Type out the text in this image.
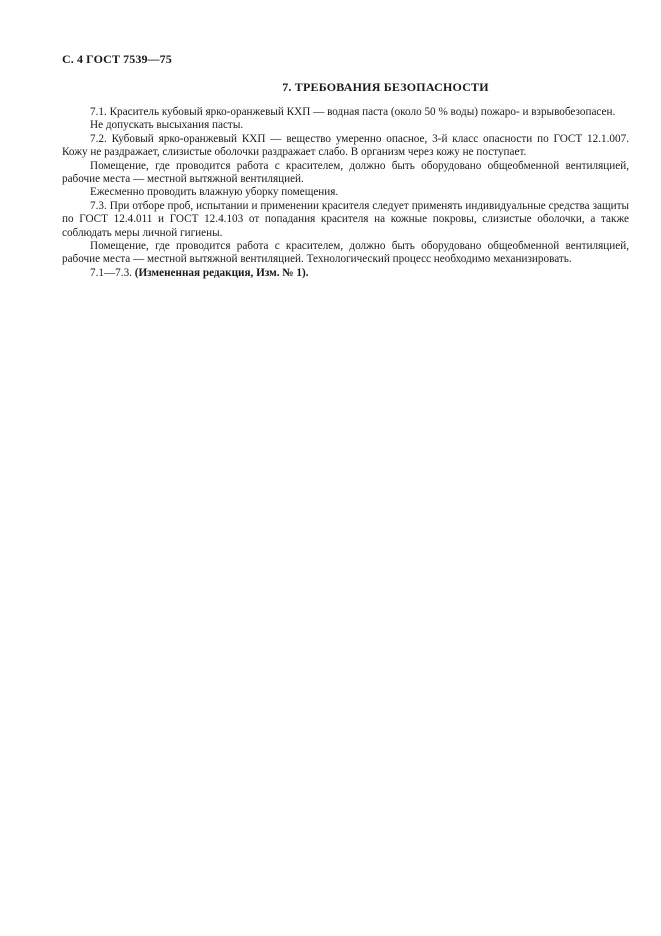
С. 4 ГОСТ 7539—75
7. ТРЕБОВАНИЯ БЕЗОПАСНОСТИ

7.1. Краситель кубовый ярко-оранжевый КХП — водная паста (около 50 % воды) пожаро- и взрывобезопасен.

Не допускать высыхания пасты.

7.2. Кубовый ярко-оранжевый КХП — вещество умеренно опасное, 3-й класс опасности по ГОСТ 12.1.007. Кожу не раздражает, слизистые оболочки раздражает слабо. В организм через кожу не поступает.

Помещение, где проводится работа с красителем, должно быть оборудовано общеобменной вентиляцией, рабочие места — местной вытяжной вентиляцией.

Ежесменно проводить влажную уборку помещения.

7.3. При отборе проб, испытании и применении красителя следует применять индивидуальные средства защиты по ГОСТ 12.4.011 и ГОСТ 12.4.103 от попадания красителя на кожные покровы, слизистые оболочки, а также соблюдать меры личной гигиены.

Помещение, где проводится работа с красителем, должно быть оборудовано общеобменной вентиляцией, рабочие места — местной вытяжной вентиляцией. Технологический процесс необходимо механизировать.

7.1—7.3. (Измененная редакция, Изм. № 1).
